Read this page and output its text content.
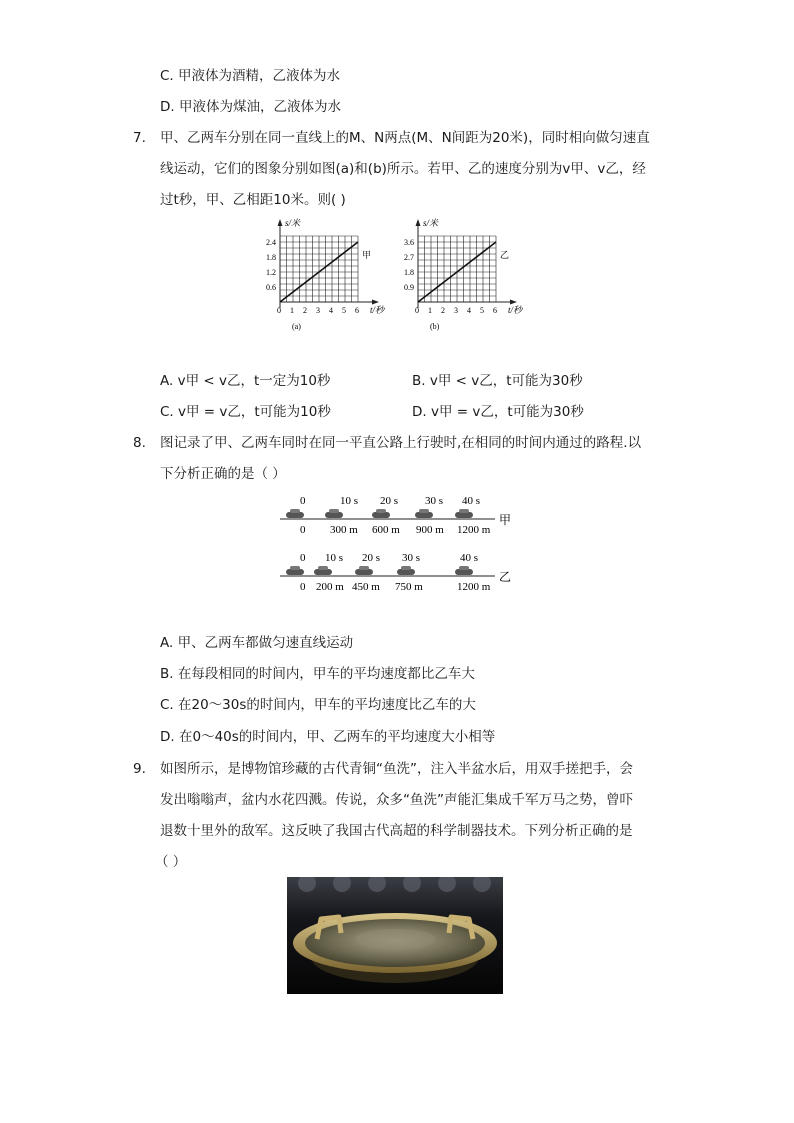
C. 甲液体为酒精，乙液体为水
D. 甲液体为煤油，乙液体为水
7. 甲、乙两车分别在同一直线上的M、N两点(M、N间距为20米)，同时相向做匀速直
线运动，它们的图象分别如图(a)和(b)所示。若甲、乙的速度分别为v甲、v乙，经
过t秒，甲、乙相距10米。则( )
s/米
2.4
1.8
1.2
0.6
0 1 2 3 4 5 6 t/秒
甲
(a)
s/米
3.6
2.7
1.8
0.9
0 1 2 3 4 5 6 t/秒
乙
(b)
A. v甲 < v乙，t一定为10秒	B. v甲 < v乙，t可能为30秒
C. v甲 = v乙，t可能为10秒	D. v甲 = v乙，t可能为30秒
8. 图记录了甲、乙两车同时在同一平直公路上行驶时,在相同的时间内通过的路程.以
下分析正确的是（ ）
0	10 s 20 s 30 s 40 s
甲
0 300 m 600 m 900 m 1200 m
0 10 s 20 s 30 s	40 s
乙
0 200 m 450 m 750 m	1200 m
A. 甲、乙两车都做匀速直线运动
B. 在每段相同的时间内，甲车的平均速度都比乙车大
C. 在20～30s的时间内，甲车的平均速度比乙车的大
D. 在0～40s的时间内，甲、乙两车的平均速度大小相等
9. 如图所示，是博物馆珍藏的古代青铜“鱼洗”，注入半盆水后，用双手搓把手，会
发出嗡嗡声，盆内水花四溅。传说，众多“鱼洗”声能汇集成千军万马之势，曾吓
退数十里外的敌军。这反映了我国古代高超的科学制器技术。下列分析正确的是
（ ）
